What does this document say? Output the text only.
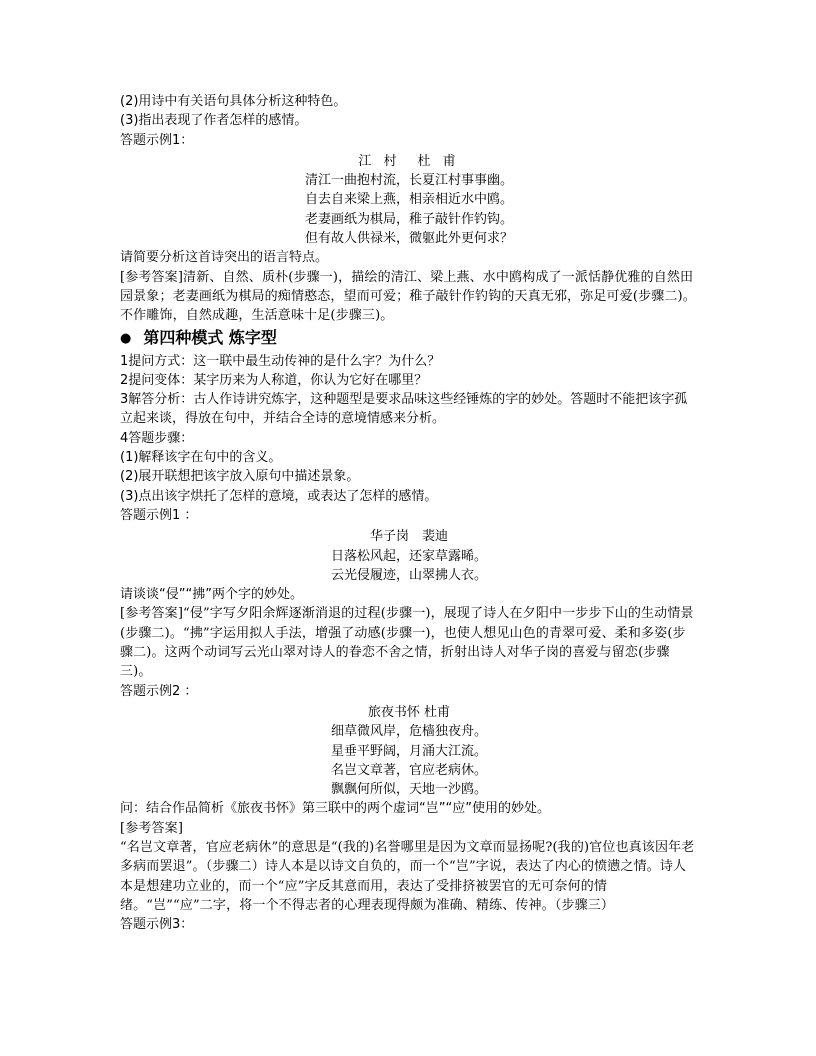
(2)用诗中有关语句具体分析这种特色。
(3)指出表现了作者怎样的感情。
答题示例1：
江 村　杜 甫
清江一曲抱村流，长夏江村事事幽。
自去自来梁上燕，相亲相近水中鸥。
老妻画纸为棋局，稚子敲针作钓钩。
但有故人供禄米，微躯此外更何求？
请简要分析这首诗突出的语言特点。
[参考答案]清新、自然、质朴(步骤一)，描绘的清江、梁上燕、水中鸥构成了一派恬静优雅的自然田园景象；老妻画纸为棋局的痴情憨态，望而可爱；稚子敲针作钓钩的天真无邪，弥足可爱(步骤二)。不作雕饰，自然成趣，生活意味十足(步骤三)。
● 第四种模式 炼字型
1提问方式：这一联中最生动传神的是什么字？为什么？
2提问变体：某字历来为人称道，你认为它好在哪里？
3解答分析：古人作诗讲究炼字，这种题型是要求品味这些经锤炼的字的妙处。答题时不能把该字孤立起来谈，得放在句中，并结合全诗的意境情感来分析。
4答题步骤：
(1)解释该字在句中的含义。
(2)展开联想把该字放入原句中描述景象。
(3)点出该字烘托了怎样的意境，或表达了怎样的感情。
答题示例1 ：
华子岗　裴迪
日落松风起，还家草露晞。
云光侵履迹，山翠拂人衣。
请谈谈“侵”“拂”两个字的妙处。
[参考答案]“侵”字写夕阳余辉逐渐消退的过程(步骤一)，展现了诗人在夕阳中一步步下山的生动情景(步骤二)。“拂”字运用拟人手法，增强了动感(步骤一)，也使人想见山色的青翠可爱、柔和多姿(步骤二)。这两个动词写云光山翠对诗人的眷恋不舍之情，折射出诗人对华子岗的喜爱与留恋(步骤三)。
答题示例2 ：
旅夜书怀 杜甫
细草微风岸，危樯独夜舟。
星垂平野阔，月涌大江流。
名岂文章著，官应老病休。
飘飘何所似，天地一沙鸥。
问：结合作品简析《旅夜书怀》第三联中的两个虚词“岂”“应”使用的妙处。
[参考答案]
“名岂文章著，官应老病休”的意思是“(我的)名誉哪里是因为文章而显扬呢?(我的)官位也真该因年老多病而罢退”。（步骤二）诗人本是以诗文自负的，而一个“岂”字说，表达了内心的愤懑之情。诗人本是想建功立业的，而一个“应”字反其意而用，表达了受排挤被罢官的无可奈何的情绪。“岂”“应”二字，将一个不得志者的心理表现得颇为准确、精练、传神。（步骤三）
答题示例3：
